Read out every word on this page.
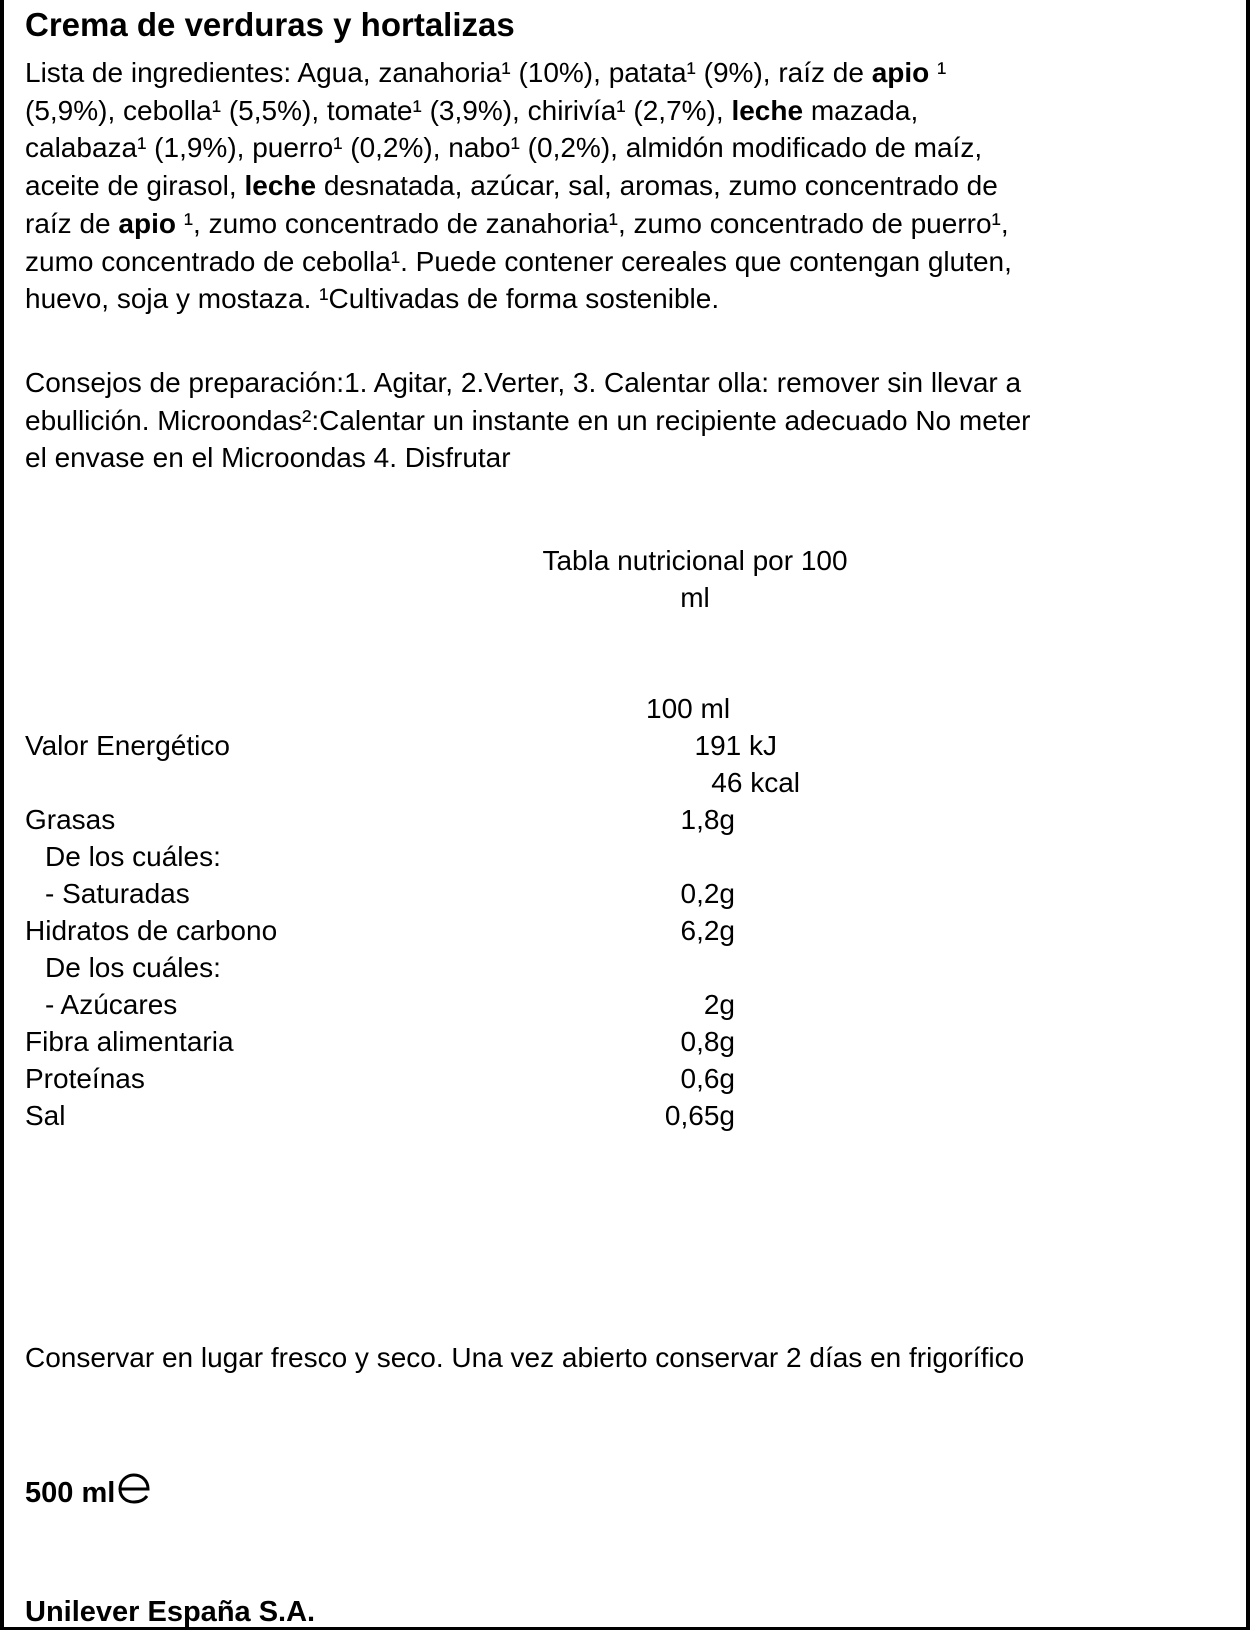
Crema de verduras y hortalizas
Lista de ingredientes: Agua, zanahoria¹ (10%), patata¹ (9%), raíz de apio ¹
(5,9%), cebolla¹ (5,5%), tomate¹ (3,9%), chirivía¹ (2,7%), leche mazada,
calabaza¹ (1,9%), puerro¹ (0,2%), nabo¹ (0,2%), almidón modificado de maíz,
aceite de girasol, leche desnatada, azúcar, sal, aromas, zumo concentrado de
raíz de apio ¹, zumo concentrado de zanahoria¹, zumo concentrado de puerro¹,
zumo concentrado de cebolla¹. Puede contener cereales que contengan gluten,
huevo, soja y mostaza. ¹Cultivadas de forma sostenible.
Consejos de preparación:1. Agitar, 2.Verter, 3. Calentar olla: remover sin llevar a
ebullición. Microondas²:Calentar un instante en un recipiente adecuado No meter
el envase en el Microondas 4. Disfrutar
Tabla nutricional por 100
ml
100 ml
Valor Energético	191 kJ
46 kcal
Grasas	1,8g
De los cuáles:
- Saturadas	0,2g
Hidratos de carbono	6,2g
De los cuáles:
- Azúcares	2g
Fibra alimentaria	0,8g
Proteínas	0,6g
Sal	0,65g
Conservar en lugar fresco y seco. Una vez abierto conservar 2 días en frigorífico
500 ml
Unilever España S.A.
